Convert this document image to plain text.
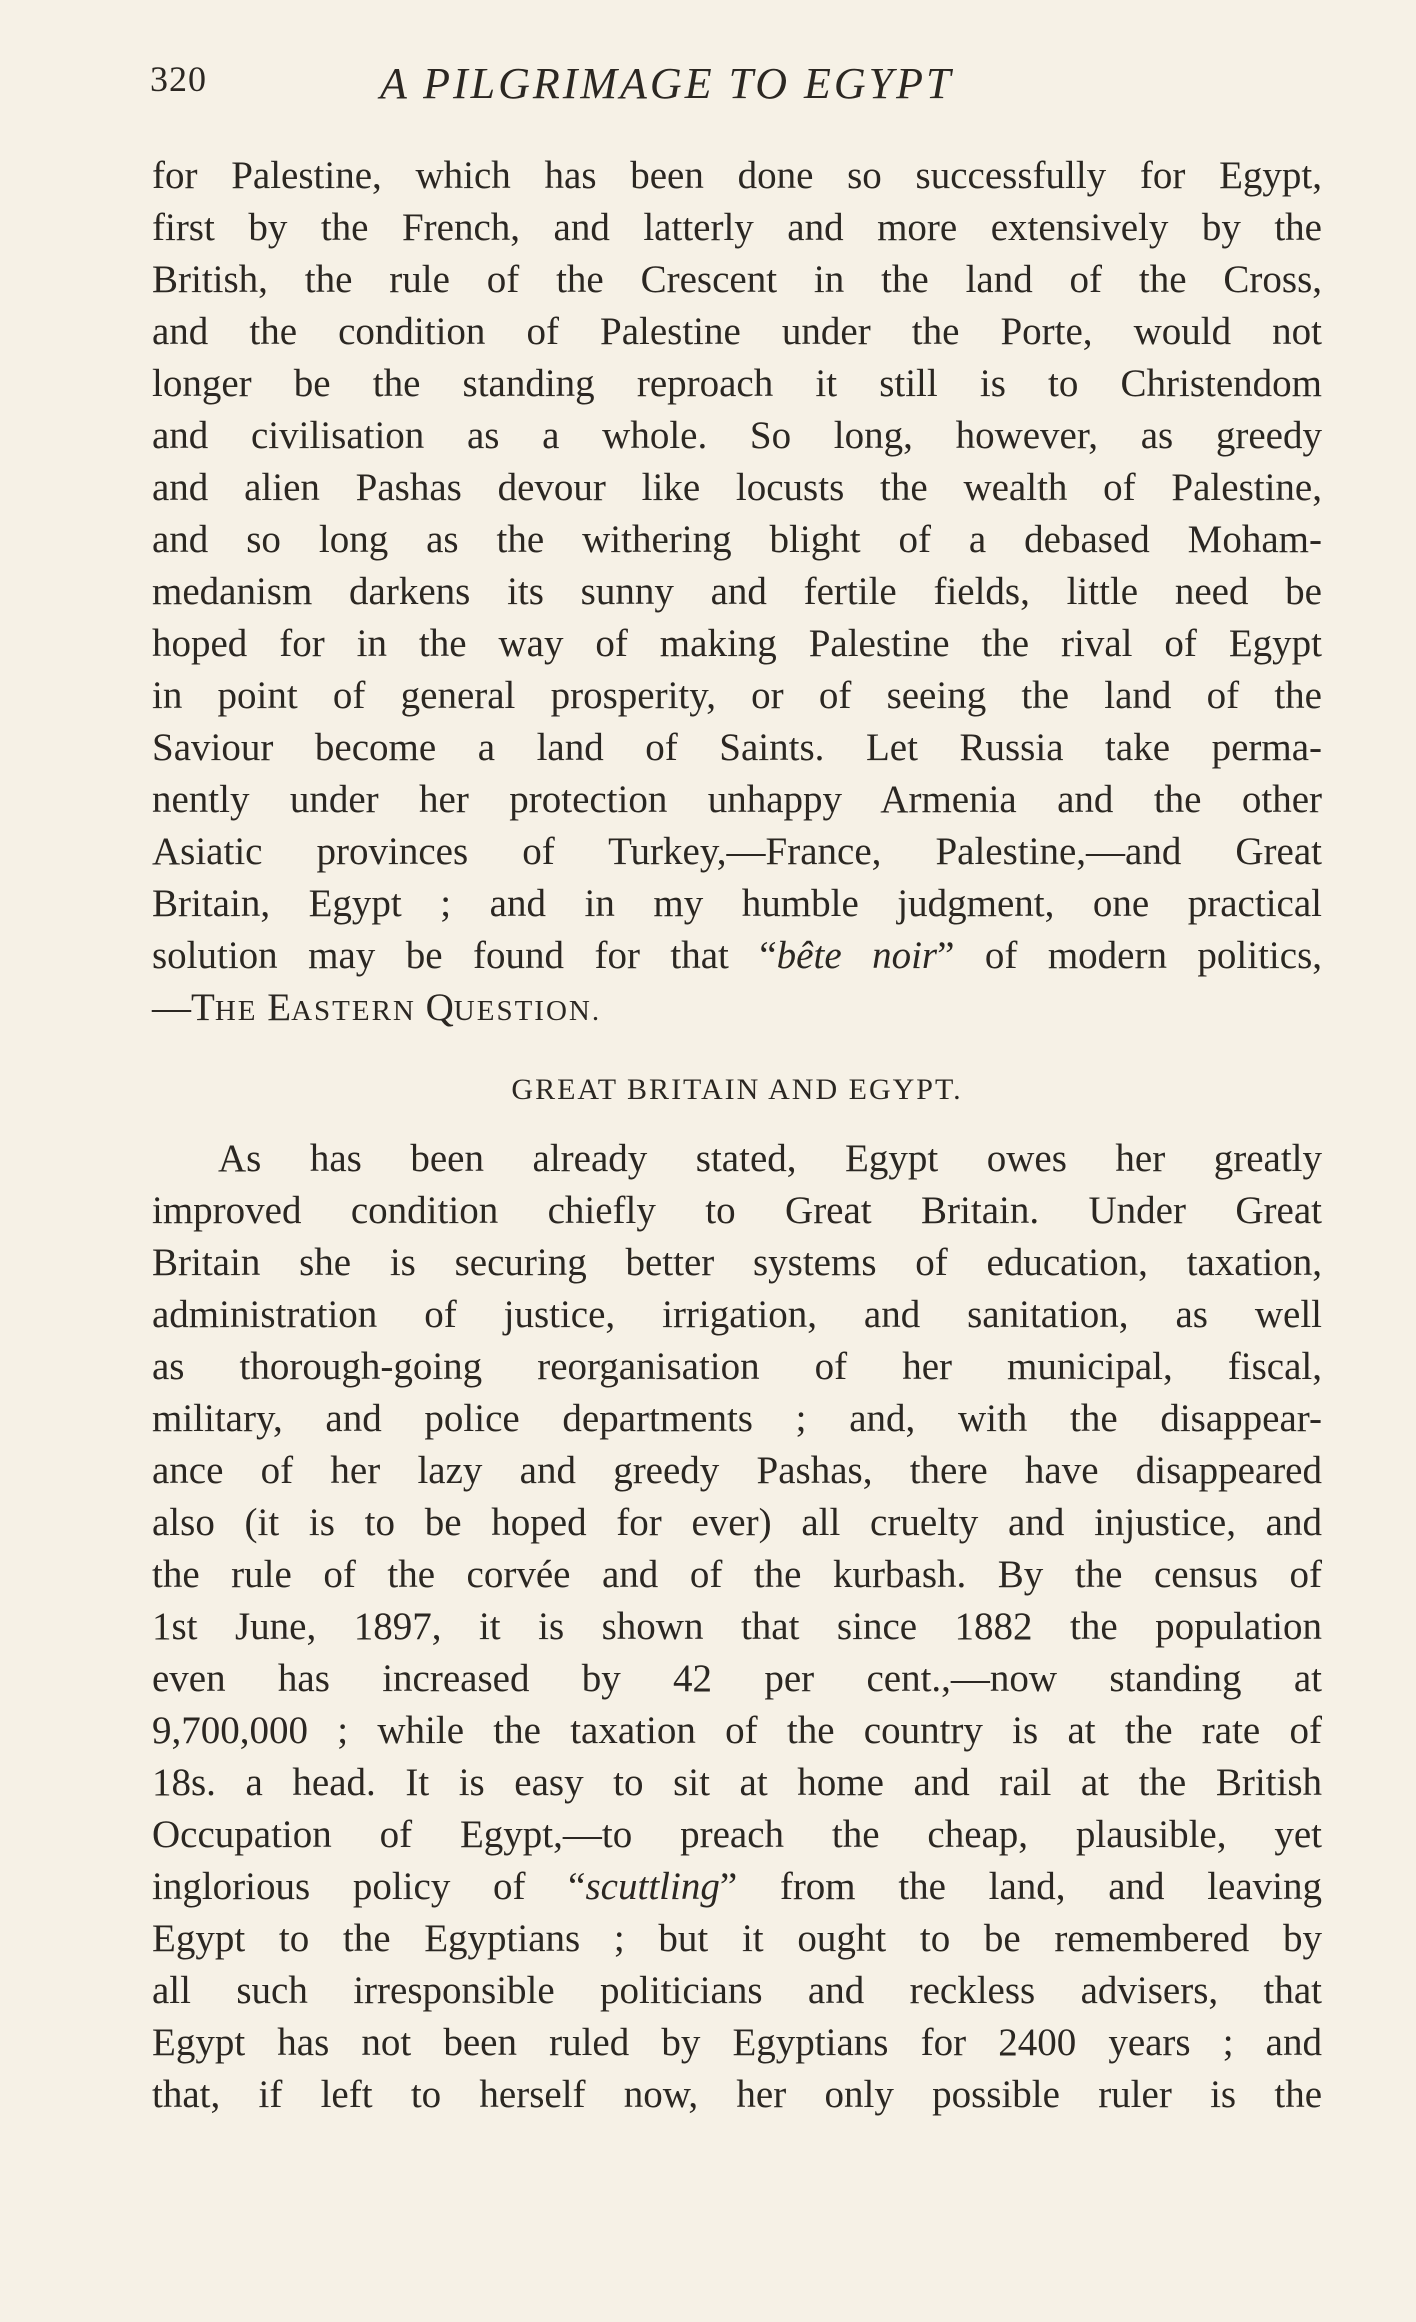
320	A PILGRIMAGE TO EGYPT
for Palestine, which has been done so successfully for Egypt,
first by the French, and latterly and more extensively by the
British, the rule of the Crescent in the land of the Cross,
and the condition of Palestine under the Porte, would not
longer be the standing reproach it still is to Christendom
and civilisation as a whole. So long, however, as greedy
and alien Pashas devour like locusts the wealth of Palestine,
and so long as the withering blight of a debased Moham-
medanism darkens its sunny and fertile fields, little need be
hoped for in the way of making Palestine the rival of Egypt
in point of general prosperity, or of seeing the land of the
Saviour become a land of Saints. Let Russia take perma-
nently under her protection unhappy Armenia and the other
Asiatic provinces of Turkey,—France, Palestine,—and Great
Britain, Egypt ; and in my humble judgment, one practical
solution may be found for that “bête noir” of modern politics,
—THE EASTERN QUESTION.
GREAT BRITAIN AND EGYPT.
As has been already stated, Egypt owes her greatly
improved condition chiefly to Great Britain. Under Great
Britain she is securing better systems of education, taxation,
administration of justice, irrigation, and sanitation, as well
as thorough-going reorganisation of her municipal, fiscal,
military, and police departments ; and, with the disappear-
ance of her lazy and greedy Pashas, there have disappeared
also (it is to be hoped for ever) all cruelty and injustice, and
the rule of the corvée and of the kurbash. By the census of
1st June, 1897, it is shown that since 1882 the population
even has increased by 42 per cent.,—now standing at
9,700,000 ; while the taxation of the country is at the rate of
18s. a head. It is easy to sit at home and rail at the British
Occupation of Egypt,—to preach the cheap, plausible, yet
inglorious policy of “scuttling” from the land, and leaving
Egypt to the Egyptians ; but it ought to be remembered by
all such irresponsible politicians and reckless advisers, that
Egypt has not been ruled by Egyptians for 2400 years ; and
that, if left to herself now, her only possible ruler is the
